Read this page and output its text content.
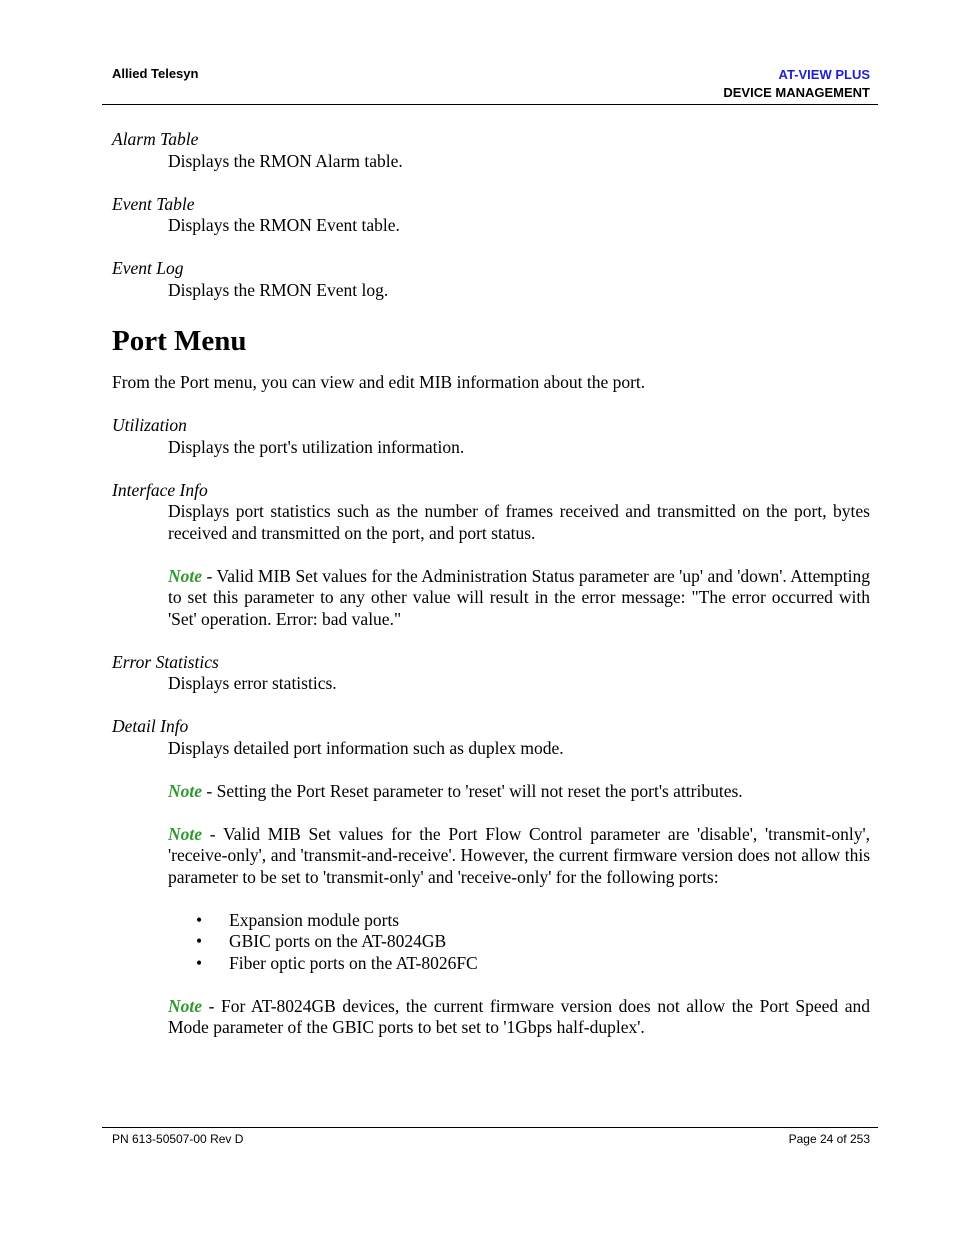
Allied Telesyn	AT-VIEW PLUS
DEVICE MANAGEMENT

Alarm Table

Displays the RMON Alarm table.

Event Table

Displays the RMON Event table.

Event Log

Displays the RMON Event log.

Port Menu

From the Port menu, you can view and edit MIB information about the port.

Utilization

Displays the port's utilization information.

Interface Info

Displays port statistics such as the number of frames received and transmitted on the port, bytes received and transmitted on the port, and port status.

Note - Valid MIB Set values for the Administration Status parameter are 'up' and 'down'. Attempting to set this parameter to any other value will result in the error message: "The error occurred with 'Set' operation. Error: bad value."

Error Statistics

Displays error statistics.

Detail Info

Displays detailed port information such as duplex mode.

Note - Setting the Port Reset parameter to 'reset' will not reset the port's attributes.

Note - Valid MIB Set values for the Port Flow Control parameter are 'disable', 'transmit-only', 'receive-only', and 'transmit-and-receive'. However, the current firmware version does not allow this parameter to be set to 'transmit-only' and 'receive-only' for the following ports:

• Expansion module ports
• GBIC ports on the AT-8024GB
• Fiber optic ports on the AT-8026FC

Note - For AT-8024GB devices, the current firmware version does not allow the Port Speed and Mode parameter of the GBIC ports to bet set to '1Gbps half-duplex'.

PN 613-50507-00 Rev D	Page 24 of 253
